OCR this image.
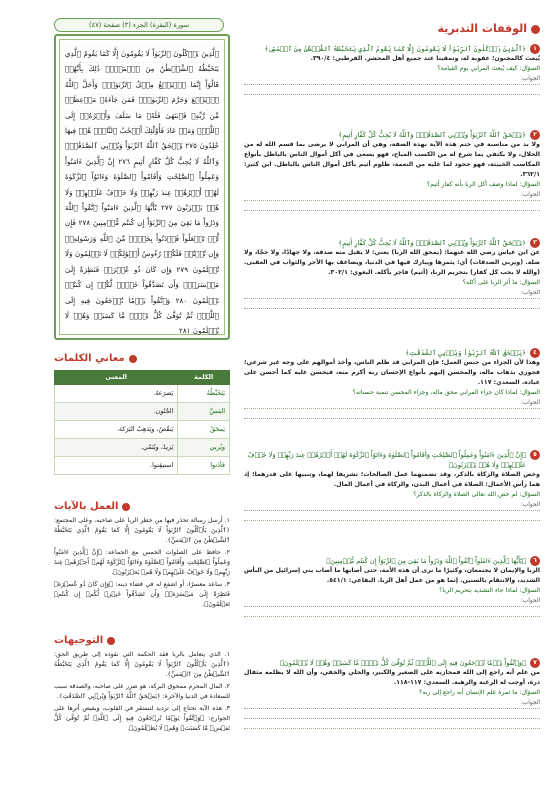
سورة (البقرة) الجزء (٣) صفحة (٤٧)
ٱلَّذِينَ يَأۡكُلُونَ ٱلرِّبَوٰاْ لَا يَقُومُونَ إِلَّا كَمَا يَقُومُ ٱلَّذِي يَتَخَبَّطُهُ ٱلشَّيۡطَٰنُ مِنَ ٱلۡمَسِّۚ ذَٰلِكَ بِأَنَّهُمۡ قَالُوٓاْ إِنَّمَا ٱلۡبَيۡعُ مِثۡلُ ٱلرِّبَوٰاْۗ وَأَحَلَّ ٱللَّهُ ٱلۡبَيۡعَ وَحَرَّمَ ٱلرِّبَوٰاْۚ فَمَن جَآءَهُۥ مَوۡعِظَةٞ مِّن رَّبِّهِۦ فَٱنتَهَىٰ فَلَهُۥ مَا سَلَفَ وَأَمۡرُهُۥٓ إِلَى ٱللَّهِۖ وَمَنۡ عَادَ فَأُوْلَٰٓئِكَ أَصۡحَٰبُ ٱلنَّارِۖ هُمۡ فِيهَا خَٰلِدُونَ ٢٧٥ يَمۡحَقُ ٱللَّهُ ٱلرِّبَوٰاْ وَيُرۡبِي ٱلصَّدَقَٰتِۗ وَٱللَّهُ لَا يُحِبُّ كُلَّ كَفَّارٍ أَثِيمٍ ٢٧٦ إِنَّ ٱلَّذِينَ ءَامَنُواْ وَعَمِلُواْ ٱلصَّٰلِحَٰتِ وَأَقَامُواْ ٱلصَّلَوٰةَ وَءَاتَوُاْ ٱلزَّكَوٰةَ لَهُمۡ أَجۡرُهُمۡ عِندَ رَبِّهِمۡ وَلَا خَوۡفٌ عَلَيۡهِمۡ وَلَا هُمۡ يَحۡزَنُونَ ٢٧٧ يَٰٓأَيُّهَا ٱلَّذِينَ ءَامَنُواْ ٱتَّقُواْ ٱللَّهَ وَذَرُواْ مَا بَقِيَ مِنَ ٱلرِّبَوٰٓاْ إِن كُنتُم مُّؤۡمِنِينَ ٢٧٨ فَإِن لَّمۡ تَفۡعَلُواْ فَأۡذَنُواْ بِحَرۡبٖ مِّنَ ٱللَّهِ وَرَسُولِهِۦۖ وَإِن تُبۡتُمۡ فَلَكُمۡ رُءُوسُ أَمۡوَٰلِكُمۡ لَا تَظۡلِمُونَ وَلَا تُظۡلَمُونَ ٢٧٩ وَإِن كَانَ ذُو عُسۡرَةٖ فَنَظِرَةٌ إِلَىٰ مَيۡسَرَةٖۚ وَأَن تَصَدَّقُواْ خَيۡرٞ لَّكُمۡ إِن كُنتُمۡ تَعۡلَمُونَ ٢٨٠ وَٱتَّقُواْ يَوۡمٗا تُرۡجَعُونَ فِيهِ إِلَى ٱللَّهِۖ ثُمَّ تُوَفَّىٰ كُلُّ نَفۡسٖ مَّا كَسَبَتۡ وَهُمۡ لَا يُظۡلَمُونَ ٢٨١
معاني الكلمات
الكلمة	المعنى
يَتَخَبَّطُهُ	يَصرَعهُ.
المَسِّ	الجُنُون.
يَمحَقُ	يَنقُصُ، ويَذهِبُ البَرَكة.
ويُربي	يَزيدُ، ويُنَمّي.
فَأذَنوا	استيقِنوا.
العمل بالآيات

١. أرسل رسالة تحذر فيها من خطر الربا على صاحبه، وعلى المجتمع: ﴿ٱلَّذِينَ يَأۡكُلُونَ ٱلرِّبَوٰاْ لَا يَقُومُونَ إِلَّا كَمَا يَقُومُ ٱلَّذِي يَتَخَبَّطُهُ ٱلشَّيۡطَٰنُ مِنَ ٱلۡمَسِّ﴾.

٢. حافظ على الصلوات الخمس مع الجماعة: ﴿إِنَّ ٱلَّذِينَ ءَامَنُواْ وَعَمِلُواْ ٱلصَّٰلِحَٰتِ وَأَقَامُواْ ٱلصَّلَوٰةَ وَءَاتَوُاْ ٱلزَّكَوٰةَ لَهُمۡ أَجۡرُهُمۡ عِندَ رَبِّهِمۡ وَلَا خَوۡفٌ عَلَيۡهِمۡ وَلَا هُمۡ يَحۡزَنُونَ﴾.

٣. ساعد معسرًا، أو اشفع له في قضاء دينه: ﴿وَإِن كَانَ ذُو عُسۡرَةٖ فَنَظِرَةٌ إِلَىٰ مَيۡسَرَةٖۚ وَأَن تَصَدَّقُواْ خَيۡرٞ لَّكُمۡ إِن كُنتُمۡ تَعۡلَمُونَ﴾.

التوجيهات

١. الذي يتعامل بالربا فقد الحكمة التي تقوده إلى طريق الحق: ﴿ٱلَّذِينَ يَأۡكُلُونَ ٱلرِّبَوٰاْ لَا يَقُومُونَ إِلَّا كَمَا يَقُومُ ٱلَّذِي يَتَخَبَّطُهُ ٱلشَّيۡطَٰنُ مِنَ ٱلۡمَسِّ﴾.

٢. المال المحرم ممحوق البركة، هو ضرر على صاحبه، والصدقة سبب للسعادة في الدنيا والآخرة: ﴿يَمۡحَقُ ٱللَّهُ ٱلرِّبَوٰاْ وَيُرۡبِي ٱلصَّدَقَٰتِ﴾.

٣. هذه الآية تحتاج إلى ترديد لتستقر في القلوب، ويفيض أثرها على الجوارح: ﴿وَٱتَّقُواْ يَوۡمٗا تُرۡجَعُونَ فِيهِ إِلَى ٱللَّهِۖ ثُمَّ تُوَفَّىٰ كُلُّ نَفۡسٖ مَّا كَسَبَتۡ وَهُمۡ لَا يُظۡلَمُونَ﴾.

الوقفات التدبرية
١
﴿ٱلَّذِينَ يَأۡكُلُونَ ٱلرِّبَوٰاْ لَا يَقُومُونَ إِلَّا كَمَا يَقُومُ ٱلَّذِي يَتَخَبَّطُهُ ٱلشَّيۡطَٰنُ مِنَ ٱلۡمَسِّ﴾
يُبعث كالمجنون؛ عقوبة له، وتمقيتا عند جميع أهل المحشر. القرطبي: ٣٩٠/٤.
السؤال: كيف يُبعث المرابي يوم القيامة؟
الجواب:
٢
﴿يَمۡحَقُ ٱللَّهُ ٱلرِّبَوٰاْ وَيُرۡبِي ٱلصَّدَقَٰتِۗ وَٱللَّهُ لَا يُحِبُّ كُلَّ كَفَّارٍ أَثِيمٍ﴾
ولا بد من مناسبة في ختم هذه الآية بهذه الصفة، وهي أن المرابي لا يرضى بما قسم الله له من الحلال، ولا يكتفي بما شرع له من الكسب المباح، فهو يسعى في أكل أموال الناس بالباطل بأنواع المكاسب الخبيثة، فهو جحود لما عليه من النعمة، ظلوم أثيم بأكل أموال الناس بالباطل. ابن كثير: ٣٦٢/١.
السؤال: لماذا وصف أكل الربا بأنه كفار أثيم؟
الجواب:
٣
﴿يَمۡحَقُ ٱللَّهُ ٱلرِّبَوٰاْ وَيُرۡبِي ٱلصَّدَقَٰتِۗ وَٱللَّهُ لَا يُحِبُّ كُلَّ كَفَّارٍ أَثِيمٍ﴾
عن ابن عباس رضي الله عنهما: (يمحق الله الربا) يعني: لا يقبل منه صدقة، ولا جهادًا، ولا حجًا، ولا صلة. (ويربي الصدقات) أي: يثمرها ويبارك فيها في الدنيا، ويضاعف بها الأجر والثواب في العقبى. (والله لا يحب كل كفار) بتحريم الربا، (أثيم) فاجر بأكله. البغوي: ٣٠٢/١.
السؤال: ما أثر الربا على أكله؟
الجواب:
٤
﴿يَمۡحَقُ ٱللَّهُ ٱلرِّبَوٰاْ وَيُرۡبِي ٱلصَّدَقَٰتِ﴾
وهذا لأن الجزاء من جنس العمل؛ فإن المرابي قد ظلم الناس، وأخذ أموالهم على وجه غير شرعي؛ فجوزي بذهاب ماله، والمحسن إليهم بأنواع الإحسان ربه أكرم منه، فيحسن عليه كما أحسن على عباده. السعدي: ١١٧.
السؤال: لماذا كان جزاء المرابي محق ماله، وجزاء المحسن تنمية حسناته؟
الجواب:
٥
﴿إِنَّ ٱلَّذِينَ ءَامَنُواْ وَعَمِلُواْ ٱلصَّٰلِحَٰتِ وَأَقَامُواْ ٱلصَّلَوٰةَ وَءَاتَوُاْ ٱلزَّكَوٰةَ لَهُمۡ أَجۡرُهُمۡ عِندَ رَبِّهِمۡ وَلَا خَوۡفٌ عَلَيۡهِمۡ وَلَا هُمۡ يَحۡزَنُونَ﴾
وخص الصلاة والزكاة بالذكر، وقد تضمنهما عمل الصالحات؛ تشريفا لهما، وتنبيها على قدرهما؛ إذ هما رأس الأعمال: الصلاة في أعمال البدن، والزكاة في أعمال المال.
السؤال: لم خص الله تعالى الصلاة والزكاة بالذكر؟
الجواب:
٦
﴿يَٰٓأَيُّهَا ٱلَّذِينَ ءَامَنُواْ ٱتَّقُواْ ٱللَّهَ وَذَرُواْ مَا بَقِيَ مِنَ ٱلرِّبَوٰٓاْ إِن كُنتُم مُّؤۡمِنِينَ﴾
الربا والإيمان لا يجتمعان، وكثيرًا ما نرى أن هذه الأمة، حتى أصابها ما أصاب بني إسرائيل من البأس الشديد، والانتقام بالسنين. إنما هو من عمل أهل الربا. البقاعي: ٥٤١/١.
السؤال: لماذا جاء التشديد بتحريم الربا؟
الجواب:
٧
﴿وَٱتَّقُواْ يَوۡمٗا تُرۡجَعُونَ فِيهِ إِلَى ٱللَّهِۖ ثُمَّ تُوَفَّىٰ كُلُّ نَفۡسٖ مَّا كَسَبَتۡ وَهُمۡ لَا يُظۡلَمُونَ﴾
من علم أنه راجع إلى الله فمجازيه على الصغير والكبير، والجلي والخفي، وأن الله لا يظلمه مثقال ذرة، أوجب له الرغبة والرهبة. السعدي: ١١٧-١١٨.
السؤال: ما ثمرة علم الإنسان أنه راجع إلى ربه؟
الجواب:
